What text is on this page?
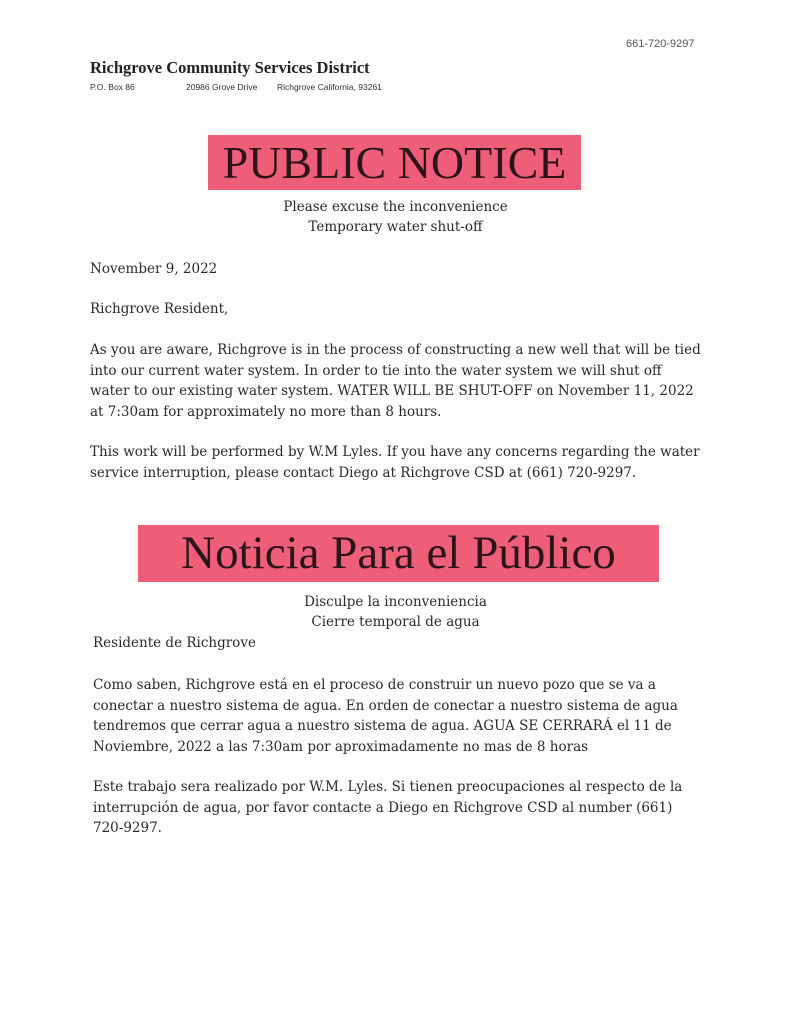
661-720-9297
Richgrove Community Services District
P.O. Box 86	20986 Grove Drive Richgrove California, 93261
PUBLIC NOTICE
Please excuse the inconvenience
Temporary water shut-off
November 9, 2022
Richgrove Resident,
As you are aware, Richgrove is in the process of constructing a new well that will be tied into our current water system. In order to tie into the water system we will shut off water to our existing water system. WATER WILL BE SHUT-OFF on November 11, 2022 at 7:30am for approximately no more than 8 hours.
This work will be performed by W.M Lyles. If you have any concerns regarding the water service interruption, please contact Diego at Richgrove CSD at (661) 720-9297.
Noticia Para el Público
Disculpe la inconveniencia
Cierre temporal de agua
Residente de Richgrove
Como saben, Richgrove está en el proceso de construir un nuevo pozo que se va a conectar a nuestro sistema de agua. En orden de conectar a nuestro sistema de agua tendremos que cerrar agua a nuestro sistema de agua. AGUA SE CERRARÁ el 11 de Noviembre, 2022 a las 7:30am por aproximadamente no mas de 8 horas
Este trabajo sera realizado por W.M. Lyles. Si tienen preocupaciones al respecto de la interrupción de agua, por favor contacte a Diego en Richgrove CSD al number (661) 720-9297.
